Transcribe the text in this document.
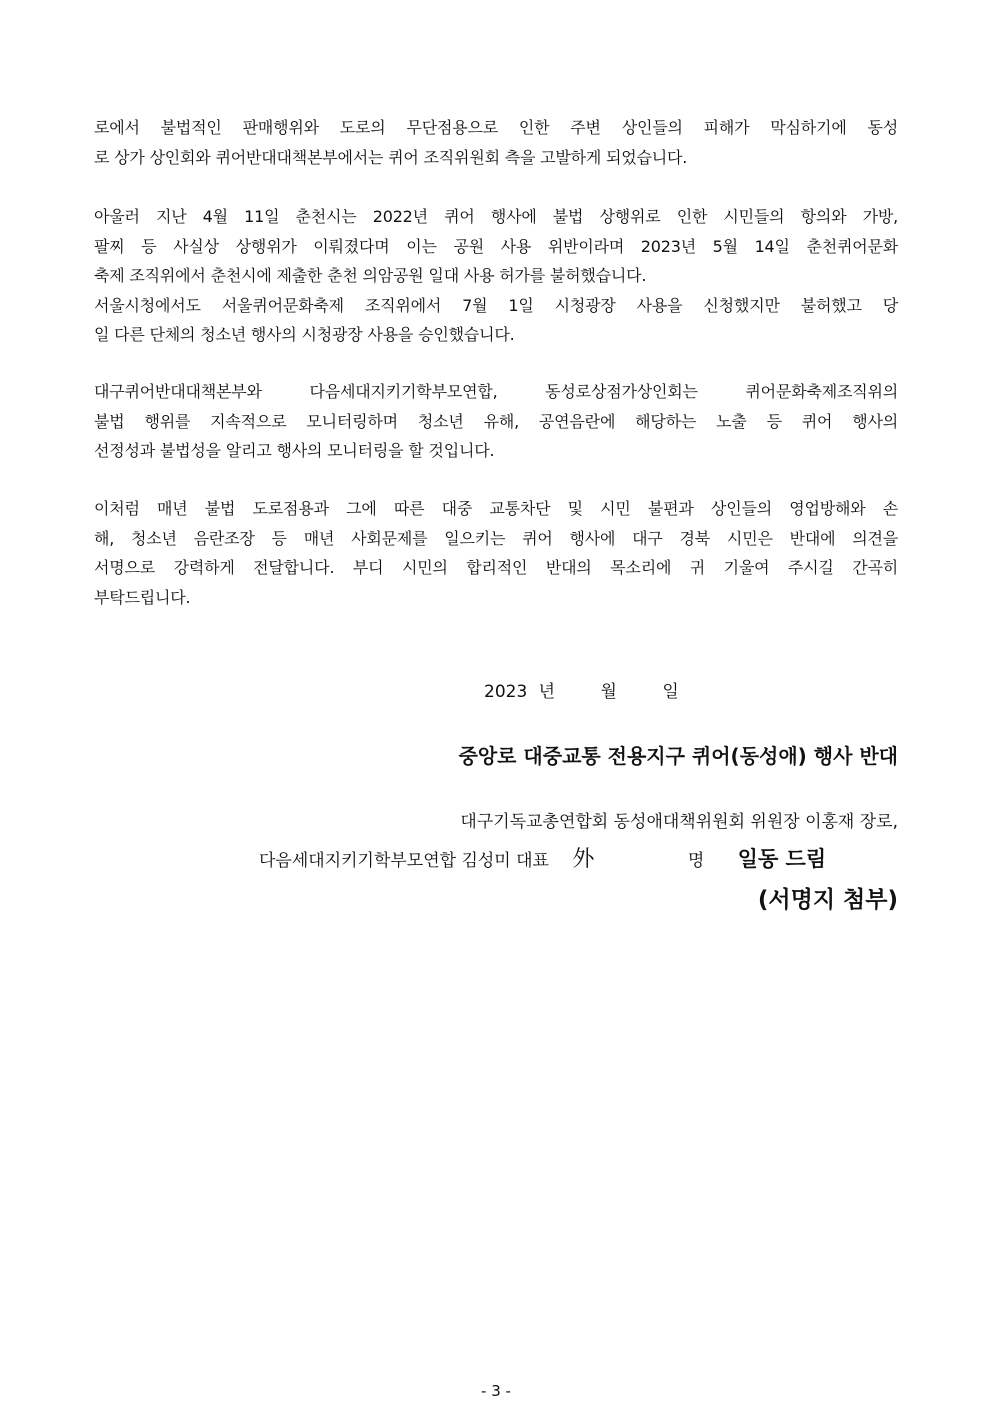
로에서 불법적인 판매행위와 도로의 무단점용으로 인한 주변 상인들의 피해가 막심하기에 동성
로 상가 상인회와 퀴어반대대책본부에서는 퀴어 조직위원회 측을 고발하게 되었습니다.
아울러 지난 4월 11일 춘천시는 2022년 퀴어 행사에 불법 상행위로 인한 시민들의 항의와 가방,
팔찌 등 사실상 상행위가 이뤄졌다며 이는 공원 사용 위반이라며 2023년 5월 14일 춘천퀴어문화
축제 조직위에서 춘천시에 제출한 춘천 의암공원 일대 사용 허가를 불허했습니다.
서울시청에서도 서울퀴어문화축제 조직위에서 7월 1일 시청광장 사용을 신청했지만 불허했고 당
일 다른 단체의 청소년 행사의 시청광장 사용을 승인했습니다.
대구퀴어반대대책본부와 다음세대지키기학부모연합, 동성로상점가상인회는 퀴어문화축제조직위의
불법 행위를 지속적으로 모니터링하며 청소년 유해, 공연음란에 해당하는 노출 등 퀴어 행사의
선정성과 불법성을 알리고 행사의 모니터링을 할 것입니다.
이처럼 매년 불법 도로점용과 그에 따른 대중 교통차단 및 시민 불편과 상인들의 영업방해와 손
해, 청소년 음란조장 등 매년 사회문제를 일으키는 퀴어 행사에 대구 경북 시민은 반대에 의견을
서명으로 강력하게 전달합니다. 부디 시민의 합리적인 반대의 목소리에 귀 기울여 주시길 간곡히
부탁드립니다.
2023 년	월	일
중앙로 대중교통 전용지구 퀴어(동성애) 행사 반대
대구기독교총연합회 동성애대책위원회 위원장 이홍재 장로,
다음세대지키기학부모연합 김성미 대표 外	명 일동 드림
(서명지 첨부)
- 3 -
